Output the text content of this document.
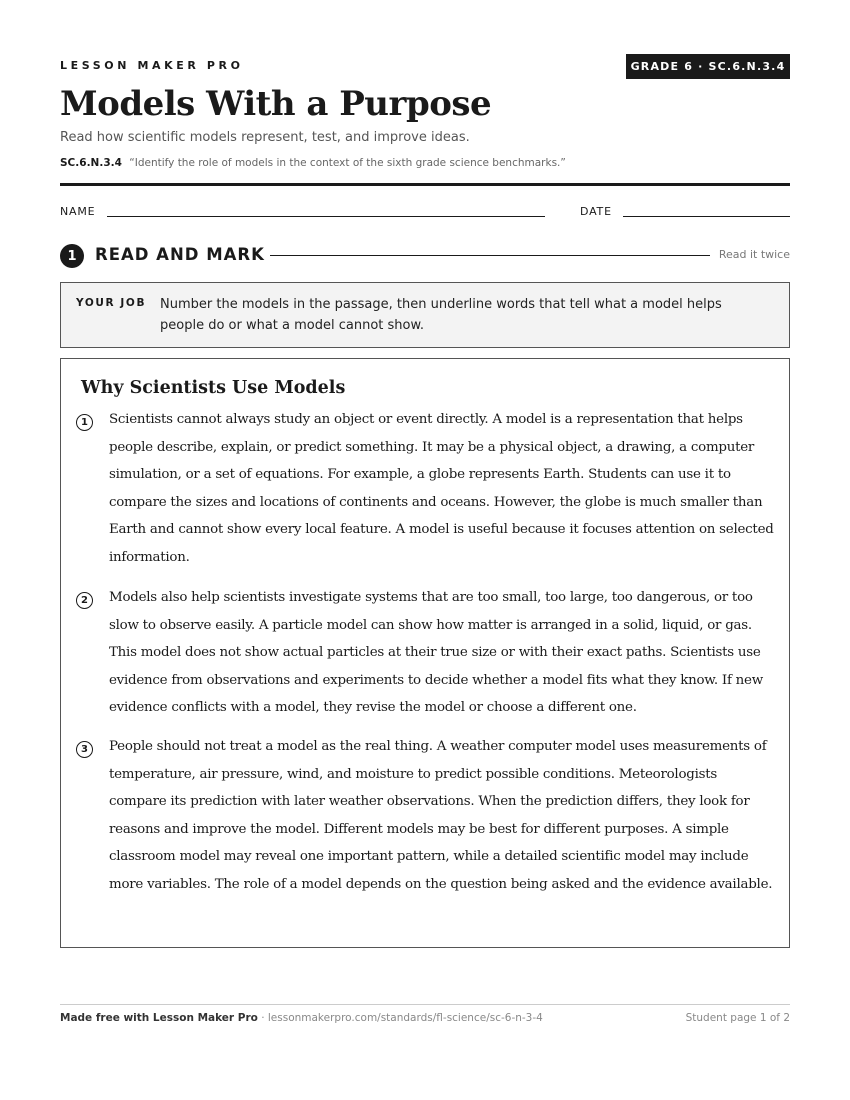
LESSON MAKER PRO	GRADE 6 · SC.6.N.3.4
Models With a Purpose
Read how scientific models represent, test, and improve ideas.
SC.6.N.3.4 “Identify the role of models in the context of the sixth grade science benchmarks.”
NAME	DATE
1	READ AND MARK	Read it twice
YOUR JOB Number the models in the passage, then underline words that tell what a model helps people do or what a model cannot show.
Why Scientists Use Models
1	Scientists cannot always study an object or event directly. A model is a representation that helps people describe, explain, or predict something. It may be a physical object, a drawing, a computer simulation, or a set of equations. For example, a globe represents Earth. Students can use it to compare the sizes and locations of continents and oceans. However, the globe is much smaller than Earth and cannot show every local feature. A model is useful because it focuses attention on selected information.

2	Models also help scientists investigate systems that are too small, too large, too dangerous, or too slow to observe easily. A particle model can show how matter is arranged in a solid, liquid, or gas. This model does not show actual particles at their true size or with their exact paths. Scientists use evidence from observations and experiments to decide whether a model fits what they know. If new evidence conflicts with a model, they revise the model or choose a different one.

3	People should not treat a model as the real thing. A weather computer model uses measurements of temperature, air pressure, wind, and moisture to predict possible conditions. Meteorologists compare its prediction with later weather observations. When the prediction differs, they look for reasons and improve the model. Different models may be best for different purposes. A simple classroom model may reveal one important pattern, while a detailed scientific model may include more variables. The role of a model depends on the question being asked and the evidence available.

Made free with Lesson Maker Pro · lessonmakerpro.com/standards/fl-science/sc-6-n-3-4	Student page 1 of 2
